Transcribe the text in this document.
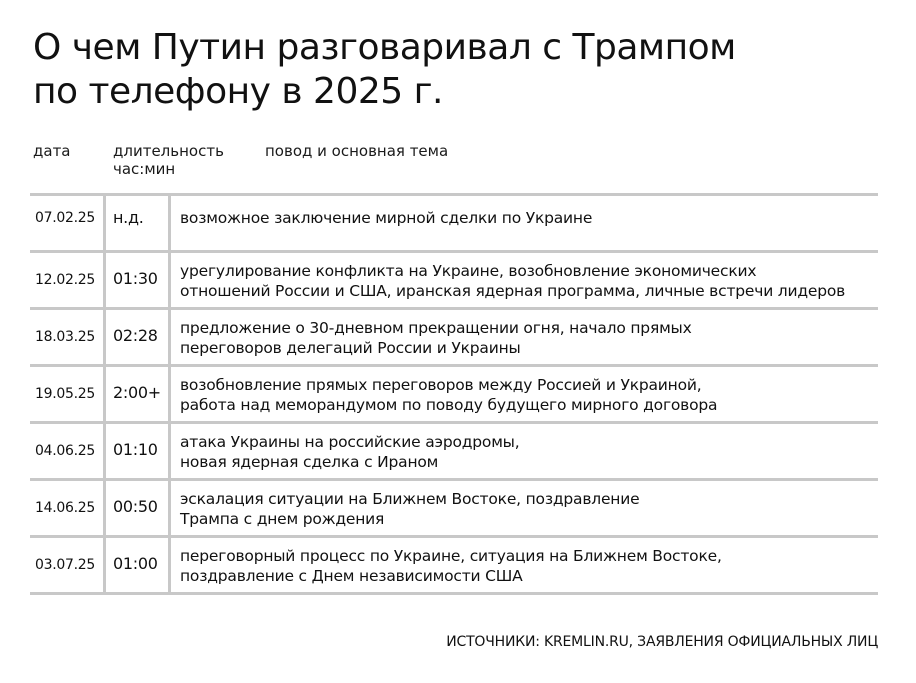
О чем Путин разговаривал с Трампом
по телефону в 2025 г.
дата	длительность
час:мин
повод и основная тема
07.02.25 н.д. возможное заключение мирной сделки по Украине
12.02.25 01:30 урегулирование конфликта на Украине, возобновление экономических
отношений России и США, иранская ядерная программа, личные встречи лидеров
18.03.25 02:28 предложение о 30-дневном прекращении огня, начало прямых
переговоров делегаций России и Украины
19.05.25 2:00+ возобновление прямых переговоров между Россией и Украиной,
работа над меморандумом по поводу будущего мирного договора
04.06.25 01:10 атака Украины на российские аэродромы,
новая ядерная сделка с Ираном
14.06.25 00:50 эскалация ситуации на Ближнем Востоке, поздравление
Трампа с днем рождения
03.07.25 01:00 переговорный процесс по Украине, ситуация на Ближнем Востоке,
поздравление с Днем независимости США
ИСТОЧНИКИ: KREMLIN.RU, ЗАЯВЛЕНИЯ ОФИЦИАЛЬНЫХ ЛИЦ
